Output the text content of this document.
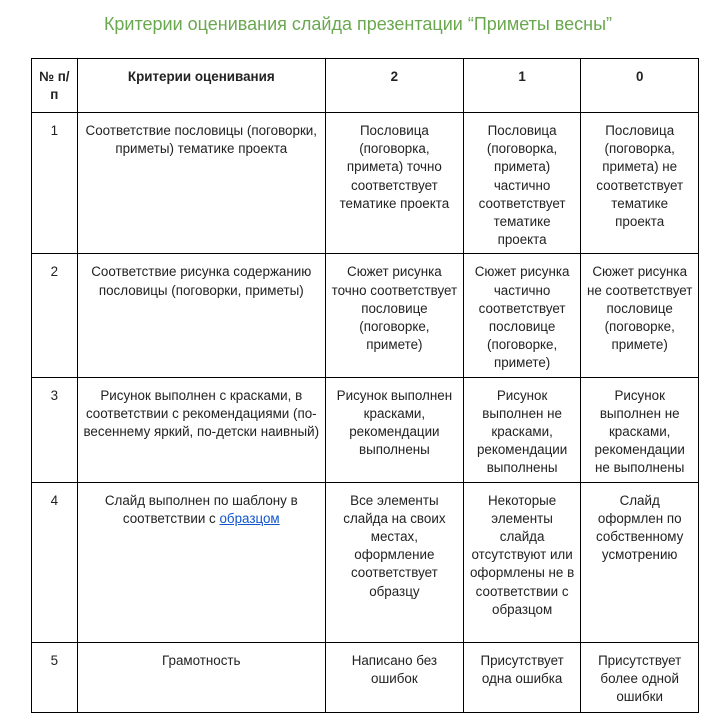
Критерии оценивания слайда презентации “Приметы весны”
№ п/п	Критерии оценивания	2	1	0
1	Соответствие пословицы (поговорки, приметы) тематике проекта	Пословица (поговорка, примета) точно соответствует тематике проекта	Пословица (поговорка, примета) частично соответствует тематике проекта	Пословица (поговорка, примета) не соответствует тематике проекта
2	Соответствие рисунка содержанию пословицы (поговорки, приметы)	Сюжет рисунка точно соответствует пословице (поговорке, примете)	Сюжет рисунка частично соответствует пословице (поговорке, примете)	Сюжет рисунка не соответствует пословице (поговорке, примете)
3	Рисунок выполнен с красками, в соответствии с рекомендациями (по-весеннему яркий, по-детски наивный)	Рисунок выполнен красками, рекомендации выполнены	Рисунок выполнен не красками, рекомендации выполнены	Рисунок выполнен не красками, рекомендации не выполнены
4	Слайд выполнен по шаблону в соответствии с образцом	Все элементы слайда на своих местах, оформление соответствует образцу	Некоторые элементы слайда отсутствуют или оформлены не в соответствии с образцом	Слайд оформлен по собственному усмотрению
5	Грамотность	Написано без ошибок	Присутствует одна ошибка	Присутствует более одной ошибки
